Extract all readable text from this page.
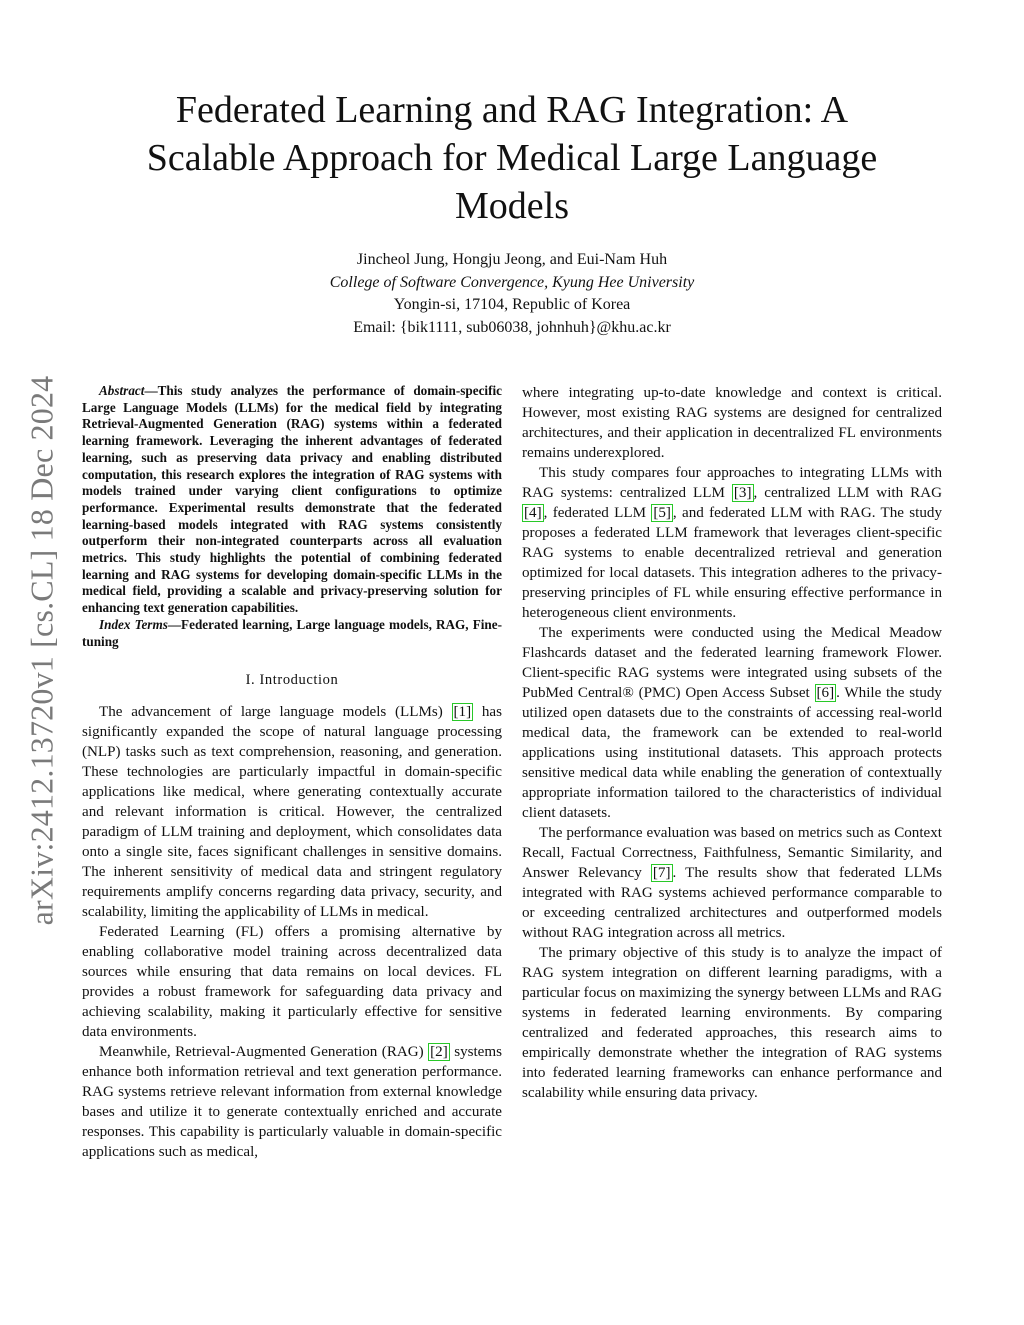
arXiv:2412.13720v1 [cs.CL] 18 Dec 2024
Federated Learning and RAG Integration: A
Scalable Approach for Medical Large Language
Models
Jincheol Jung, Hongju Jeong, and Eui-Nam Huh
College of Software Convergence, Kyung Hee University
Yongin-si, 17104, Republic of Korea
Email: {bik1111, sub06038, johnhuh}@khu.ac.kr

Abstract—This study analyzes the performance of domain-specific Large Language Models (LLMs) for the medical field by integrating Retrieval-Augmented Generation (RAG) systems within a federated learning framework. Leveraging the inherent advantages of federated learning, such as preserving data privacy and enabling distributed computation, this research explores the integration of RAG systems with models trained under varying client configurations to optimize performance. Experimental results demonstrate that the federated learning-based models integrated with RAG systems consistently outperform their non-integrated counterparts across all evaluation metrics. This study highlights the potential of combining federated learning and RAG systems for developing domain-specific LLMs in the medical field, providing a scalable and privacy-preserving solution for enhancing text generation capabilities.

Index Terms—Federated learning, Large language models, RAG, Fine-tuning

I. Introduction

The advancement of large language models (LLMs) [1] has significantly expanded the scope of natural language processing (NLP) tasks such as text comprehension, reasoning, and generation. These technologies are particularly impactful in domain-specific applications like medical, where generating contextually accurate and relevant information is critical. However, the centralized paradigm of LLM training and deployment, which consolidates data onto a single site, faces significant challenges in sensitive domains. The inherent sensitivity of medical data and stringent regulatory requirements amplify concerns regarding data privacy, security, and scalability, limiting the applicability of LLMs in medical.

Federated Learning (FL) offers a promising alternative by enabling collaborative model training across decentralized data sources while ensuring that data remains on local devices. FL provides a robust framework for safeguarding data privacy and achieving scalability, making it particularly effective for sensitive data environments.

Meanwhile, Retrieval-Augmented Generation (RAG) [2] systems enhance both information retrieval and text generation performance. RAG systems retrieve relevant information from external knowledge bases and utilize it to generate contextually enriched and accurate responses. This capability is particularly valuable in domain-specific applications such as medical,

where integrating up-to-date knowledge and context is critical. However, most existing RAG systems are designed for centralized architectures, and their application in decentralized FL environments remains underexplored.

This study compares four approaches to integrating LLMs with RAG systems: centralized LLM [3] , centralized LLM with RAG [4] , federated LLM [5] , and federated LLM with RAG. The study proposes a federated LLM framework that leverages client-specific RAG systems to enable decentralized retrieval and generation optimized for local datasets. This integration adheres to the privacy-preserving principles of FL while ensuring effective performance in heterogeneous client environments.

The experiments were conducted using the Medical Meadow Flashcards dataset and the federated learning framework Flower. Client-specific RAG systems were integrated using subsets of the PubMed Central® (PMC) Open Access Subset [6] . While the study utilized open datasets due to the constraints of accessing real-world medical data, the framework can be extended to real-world applications using institutional datasets. This approach protects sensitive medical data while enabling the generation of contextually appropriate information tailored to the characteristics of individual client datasets.

The performance evaluation was based on metrics such as Context Recall, Factual Correctness, Faithfulness, Semantic Similarity, and Answer Relevancy [7] . The results show that federated LLMs integrated with RAG systems achieved performance comparable to or exceeding centralized architectures and outperformed models without RAG integration across all metrics.

The primary objective of this study is to analyze the impact of RAG system integration on different learning paradigms, with a particular focus on maximizing the synergy between LLMs and RAG systems in federated learning environments. By comparing centralized and federated approaches, this research aims to empirically demonstrate whether the integration of RAG systems into federated learning frameworks can enhance performance and scalability while ensuring data privacy.
